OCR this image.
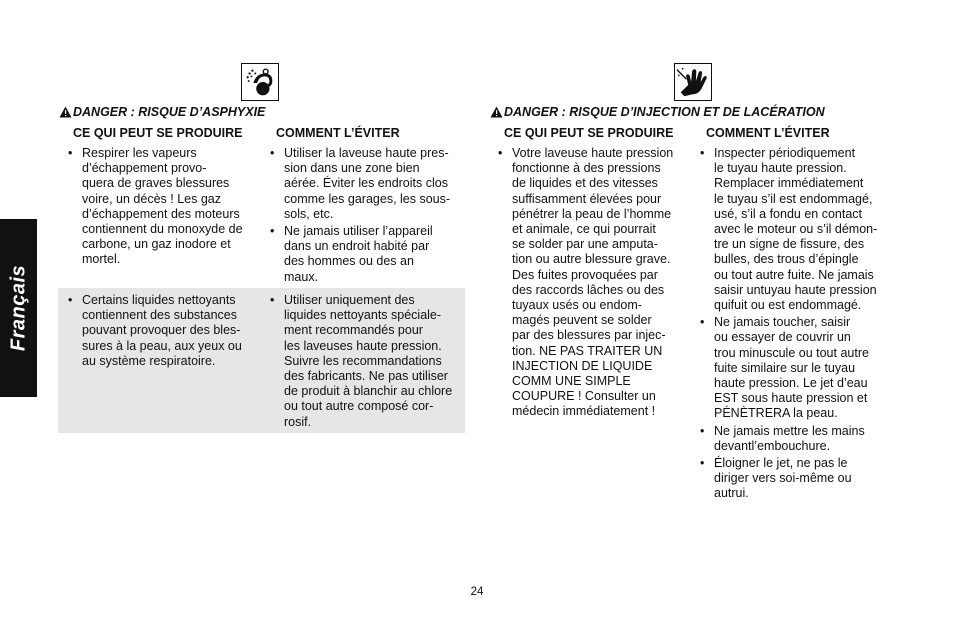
Français
DANGER : RISQUE D’ASPHYXIE
CE QUI PEUT SE PRODUIRE	COMMENT L’ÉVITER
• Respirer les vapeurs
d’échappement provo-
quera de graves blessures
voire, un décès ! Les gaz
d’échappement des moteurs
contiennent du monoxyde de
carbone, un gaz inodore et
mortel.
• Utiliser la laveuse haute pres-
sion dans une zone bien
aérée. Éviter les endroits clos
comme les garages, les sous-
sols, etc.
• Ne jamais utiliser l’appareil
dans un endroit habité par
des hommes ou des an
maux.
• Certains liquides nettoyants
contiennent des substances
pouvant provoquer des bles-
sures à la peau, aux yeux ou
au système respiratoire.
• Utiliser uniquement des
liquides nettoyants spéciale-
ment recommandés pour
les laveuses haute pression.
Suivre les recommandations
des fabricants. Ne pas utiliser
de produit à blanchir au chlore
ou tout autre composé cor-
rosif.
DANGER : RISQUE D’INJECTION ET DE LACÉRATION
CE QUI PEUT SE PRODUIRE	COMMENT L’ÉVITER
• Votre laveuse haute pression
fonctionne à des pressions
de liquides et des vitesses
suffisamment élevées pour
pénétrer la peau de l’homme
et animale, ce qui pourrait
se solder par une amputa-
tion ou autre blessure grave.
Des fuites provoquées par
des raccords lâches ou des
tuyaux usés ou endom-
magés peuvent se solder
par des blessures par injec-
tion. NE PAS TRAITER UN
INJECTION DE LIQUIDE
COMM UNE SIMPLE
COUPURE ! Consulter un
médecin immédiatement !
• Inspecter périodiquement
le tuyau haute pression.
Remplacer immédiatement
le tuyau s’il est endommagé,
usé, s’il a fondu en contact
avec le moteur ou s’il démon-
tre un signe de fissure, des
bulles, des trous d’épingle
ou tout autre fuite. Ne jamais
saisir untuyau haute pression
quifuit ou est endommagé.
• Ne jamais toucher, saisir
ou essayer de couvrir un
trou minuscule ou tout autre
fuite similaire sur le tuyau
haute pression. Le jet d’eau
EST sous haute pression et
PÉNÈTRERA la peau.
• Ne jamais mettre les mains
devantl’embouchure.
• Éloigner le jet, ne pas le
diriger vers soi-même ou
autrui.
24
